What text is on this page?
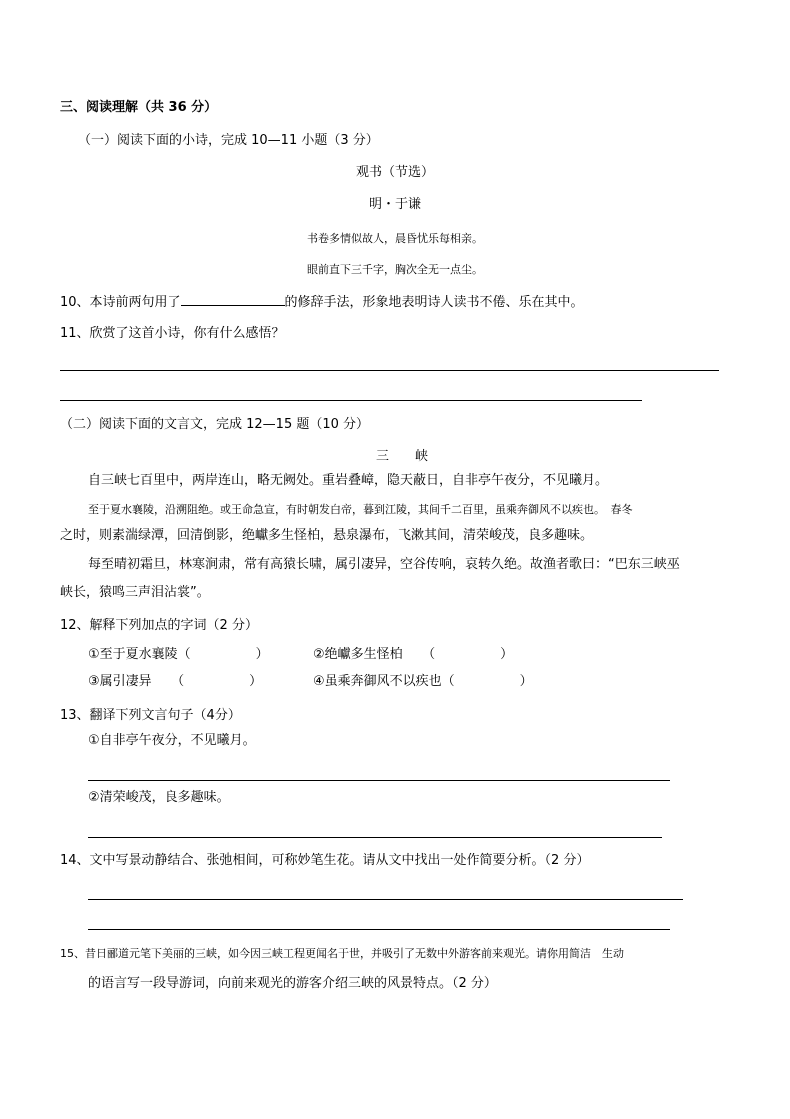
三、阅读理解（共 36 分）
（一）阅读下面的小诗，完成 10—11 小题（3 分）
观书（节选）
明・于谦
书卷多情似故人，晨昏忧乐每相亲。
眼前直下三千字，胸次全无一点尘。
10、本诗前两句用了	的修辞手法，形象地表明诗人读书不倦、乐在其中。
11、欣赏了这首小诗，你有什么感悟？
（二）阅读下面的文言文，完成 12—15 题（10 分）
三　　峡
自三峡七百里中，两岸连山，略无阙处。重岩叠嶂，隐天蔽日，自非亭午夜分，不见曦月。
至于夏水襄陵，沿溯阻绝。或王命急宣，有时朝发白帝，暮到江陵，其间千二百里，虽乘奔御风不以疾也。　春冬
之时，则素湍绿潭，回清倒影，绝巘多生怪柏，悬泉瀑布，飞漱其间，清荣峻茂，良多趣味。
每至晴初霜旦，林寒涧肃，常有高猿长啸，属引凄异，空谷传响，哀转久绝。故渔者歌曰：“巴东三峡巫
峡长，猿鸣三声泪沾裳”。
12、解释下列加点的字词（2 分）
①至于夏水襄陵（　　　　　）	②绝巘多生怪柏　　（　　　　　）
③属引凄异　　（　　　　　）	④虽乘奔御风不以疾也（　　　　　）
13、翻译下列文言句子（4分）
①自非亭午夜分，不见曦月。
②清荣峻茂，良多趣味。
14、文中写景动静结合、张弛相间，可称妙笔生花。请从文中找出一处作简要分析。（2 分）
15、昔日郦道元笔下美丽的三峡，如今因三峡工程更闻名于世，并吸引了无数中外游客前来观光。请你用简洁　生动
的语言写一段导游词，向前来观光的游客介绍三峡的风景特点。（2 分）
